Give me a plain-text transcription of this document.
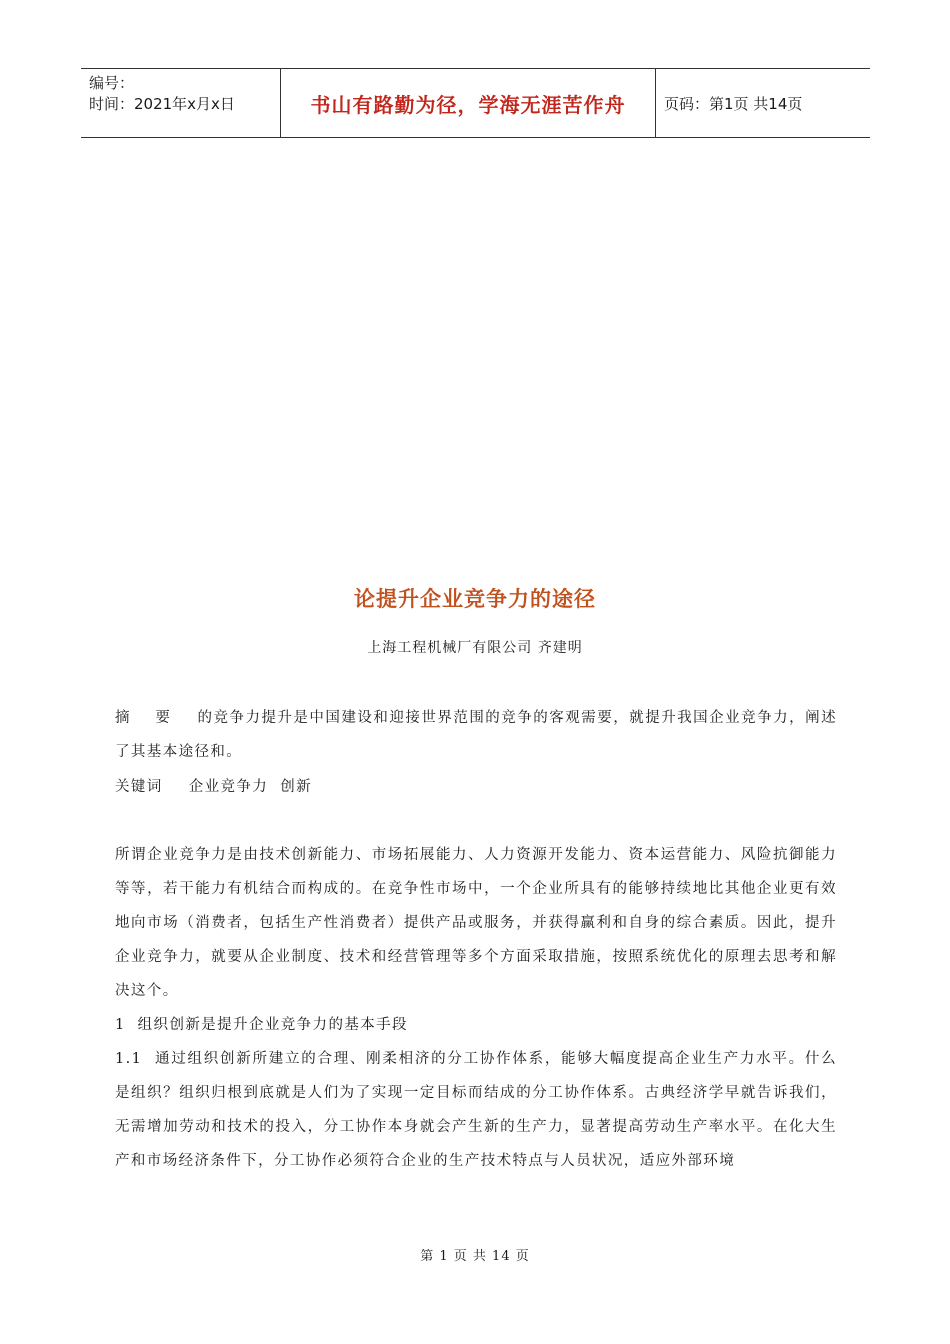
编号：
时间：2021年x月x日	书山有路勤为径，学海无涯苦作舟	页码：第1页 共14页
论提升企业竞争力的途径
上海工程机械厂有限公司 齐建明
摘    要 的竞争力提升是中国建设和迎接世界范围的竞争的客观需要，就提升我国企业竞争力，阐述了其基本途径和。
关键词 企业竞争力  创新

所谓企业竞争力是由技术创新能力、市场拓展能力、人力资源开发能力、资本运营能力、风险抗御能力等等，若干能力有机结合而构成的。在竞争性市场中，一个企业所具有的能够持续地比其他企业更有效地向市场（消费者，包括生产性消费者）提供产品或服务，并获得赢利和自身的综合素质。因此，提升企业竞争力，就要从企业制度、技术和经营管理等多个方面采取措施，按照系统优化的原理去思考和解决这个。

1  组织创新是提升企业竞争力的基本手段

1.1  通过组织创新所建立的合理、刚柔相济的分工协作体系，能够大幅度提高企业生产力水平。什么是组织？组织归根到底就是人们为了实现一定目标而结成的分工协作体系。古典经济学早就告诉我们，无需增加劳动和技术的投入，分工协作本身就会产生新的生产力，显著提高劳动生产率水平。在化大生产和市场经济条件下，分工协作必须符合企业的生产技术特点与人员状况，适应外部环境

第 1 页 共 14 页
